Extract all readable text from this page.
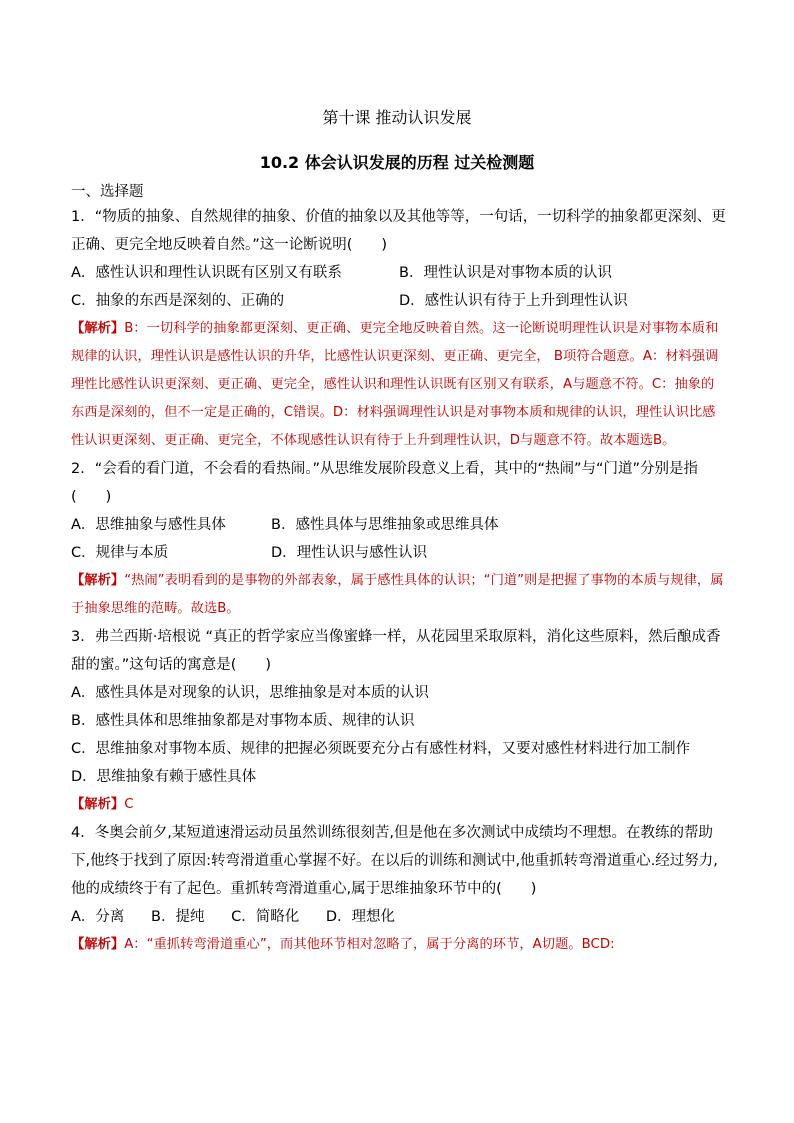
第十课 推动认识发展
10.2 体会认识发展的历程 过关检测题
一、选择题
1．“物质的抽象、自然规律的抽象、价值的抽象以及其他等等，一句话，一切科学的抽象都更深刻、更正确、更完全地反映着自然。”这一论断说明(　　)
A．感性认识和理性认识既有区别又有联系	B．理性认识是对事物本质的认识
C．抽象的东西是深刻的、正确的	D．感性认识有待于上升到理性认识
【解析】B：一切科学的抽象都更深刻、更正确、更完全地反映着自然。这一论断说明理性认识是对事物本质和规律的认识，理性认识是感性认识的升华，比感性认识更深刻、更正确、更完全， B项符合题意。A：材料强调理性比感性认识更深刻、更正确、更完全，感性认识和理性认识既有区别又有联系，A与题意不符。C：抽象的东西是深刻的，但不一定是正确的，C错误。D：材料强调理性认识是对事物本质和规律的认识，理性认识比感性认识更深刻、更正确、更完全，不体现感性认识有待于上升到理性认识，D与题意不符。故本题选B。
2．“会看的看门道，不会看的看热闹。”从思维发展阶段意义上看，其中的“热闹”与“门道”分别是指(　　)
A．思维抽象与感性具体	B．感性具体与思维抽象或思维具体
C．规律与本质	D．理性认识与感性认识
【解析】“热闹”表明看到的是事物的外部表象，属于感性具体的认识；“门道”则是把握了事物的本质与规律，属于抽象思维的范畴。故选B。
3．弗兰西斯·培根说 “真正的哲学家应当像蜜蜂一样，从花园里采取原料，消化这些原料，然后酿成香甜的蜜。”这句话的寓意是(　　)
A．感性具体是对现象的认识，思维抽象是对本质的认识
B．感性具体和思维抽象都是对事物本质、规律的认识
C．思维抽象对事物本质、规律的把握必须既要充分占有感性材料，又要对感性材料进行加工制作
D．思维抽象有赖于感性具体
【解析】C
4．冬奥会前夕,某短道速滑运动员虽然训练很刻苦,但是他在多次测试中成绩均不理想。在教练的帮助下,他终于找到了原因:转弯滑道重心掌握不好。在以后的训练和测试中,他重抓转弯滑道重心.经过努力,他的成绩终于有了起色。重抓转弯滑道重心,属于思维抽象环节中的(　　)
A．分离 B．提纯 C．简略化 D．理想化
【解析】A：“重抓转弯滑道重心”，而其他环节相对忽略了，属于分离的环节，A切题。BCD:
